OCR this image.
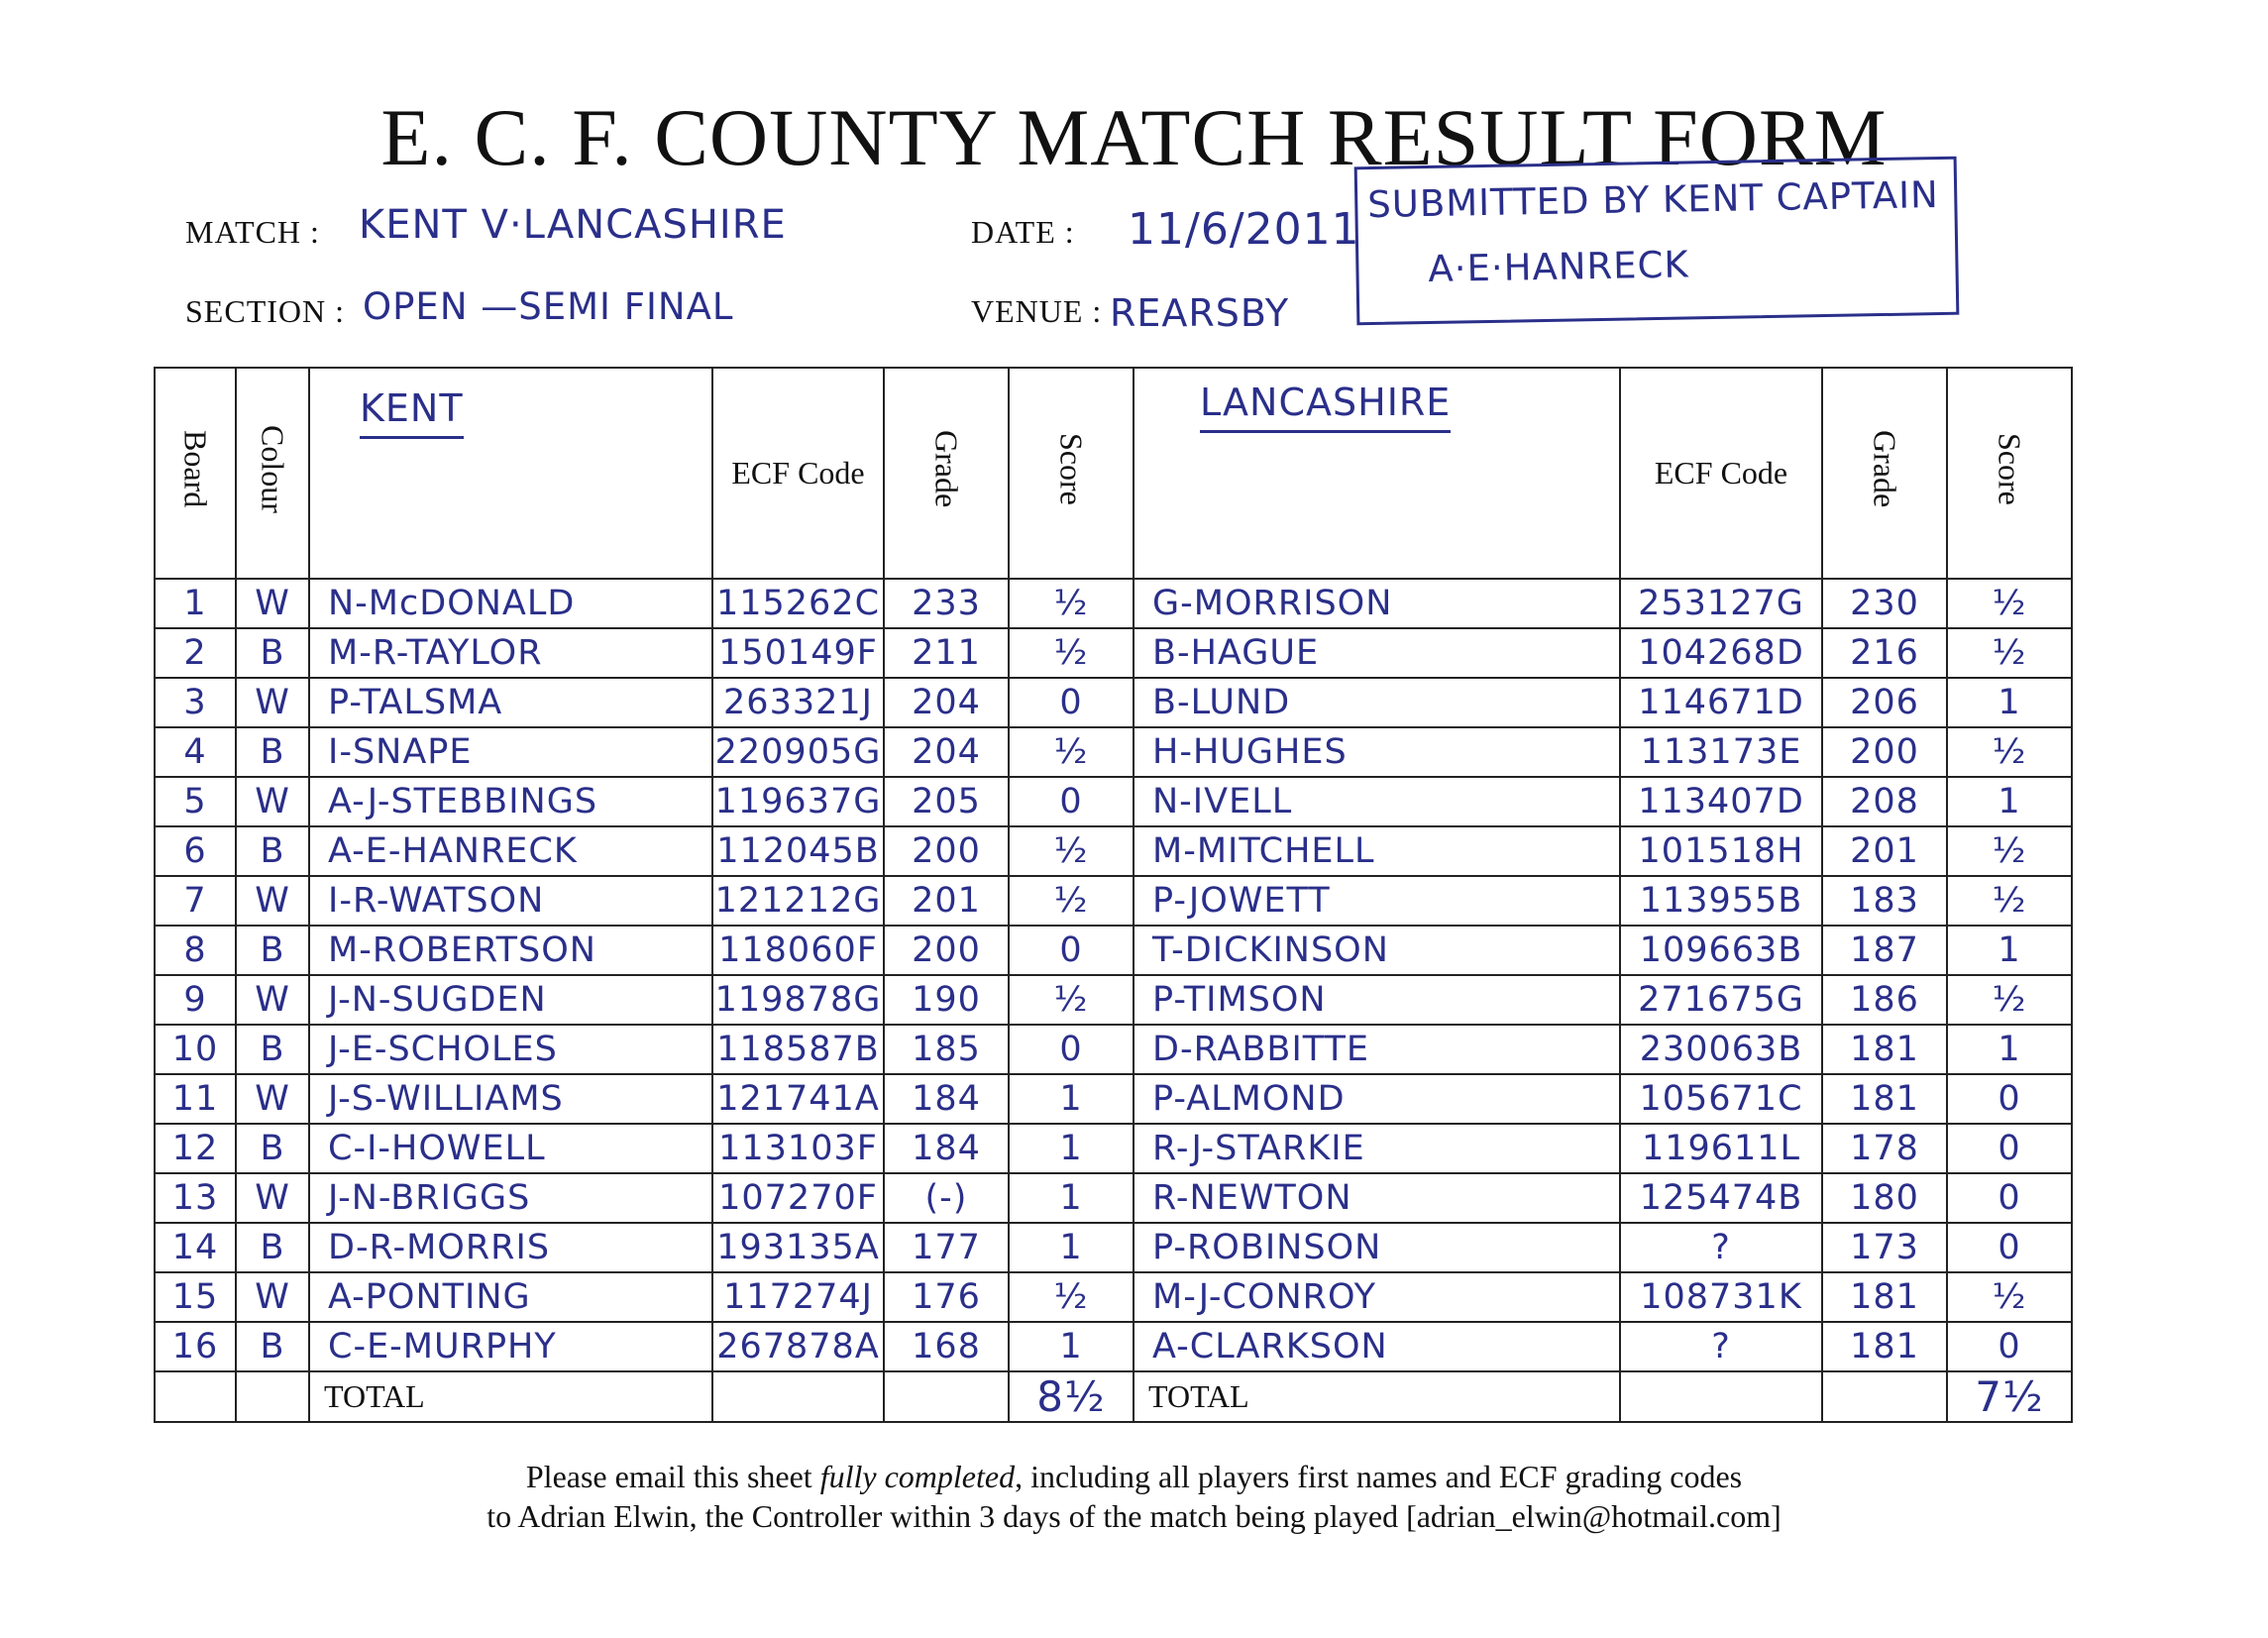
E. C. F. COUNTY MATCH RESULT FORM
MATCH : KENT V·LANCASHIRE	DATE : 11/6/2011
SECTION : OPEN —SEMI FINAL	VENUE : REARSBY
SUBMITTED BY KENT CAPTAIN
A·E·HANRECK
Board	Colour	KENT	ECF Code	Grade	Score	LANCASHIRE	ECF Code	Grade	Score
1	W	N-McDONALD	115262C	233	½	G-MORRISON	253127G	230	½
2	B	M-R-TAYLOR	150149F	211	½	B-HAGUE	104268D	216	½
3	W	P-TALSMA	263321J	204	0	B-LUND	114671D	206	1
4	B	I-SNAPE	220905G	204	½	H-HUGHES	113173E	200	½
5	W	A-J-STEBBINGS	119637G	205	0	N-IVELL	113407D	208	1
6	B	A-E-HANRECK	112045B	200	½	M-MITCHELL	101518H	201	½
7	W	I-R-WATSON	121212G	201	½	P-JOWETT	113955B	183	½
8	B	M-ROBERTSON	118060F	200	0	T-DICKINSON	109663B	187	1
9	W	J-N-SUGDEN	119878G	190	½	P-TIMSON	271675G	186	½
10	B	J-E-SCHOLES	118587B	185	0	D-RABBITTE	230063B	181	1
11	W	J-S-WILLIAMS	121741A	184	1	P-ALMOND	105671C	181	0
12	B	C-I-HOWELL	113103F	184	1	R-J-STARKIE	119611L	178	0
13	W	J-N-BRIGGS	107270F	(-)	1	R-NEWTON	125474B	180	0
14	B	D-R-MORRIS	193135A	177	1	P-ROBINSON	?	173	0
15	W	A-PONTING	117274J	176	½	M-J-CONROY	108731K	181	½
16	B	C-E-MURPHY	267878A	168	1	A-CLARKSON	?	181	0
		TOTAL			8½	TOTAL			7½
Please email this sheet fully completed, including all players first names and ECF grading codes
to Adrian Elwin, the Controller within 3 days of the match being played [adrian_elwin@hotmail.com]
